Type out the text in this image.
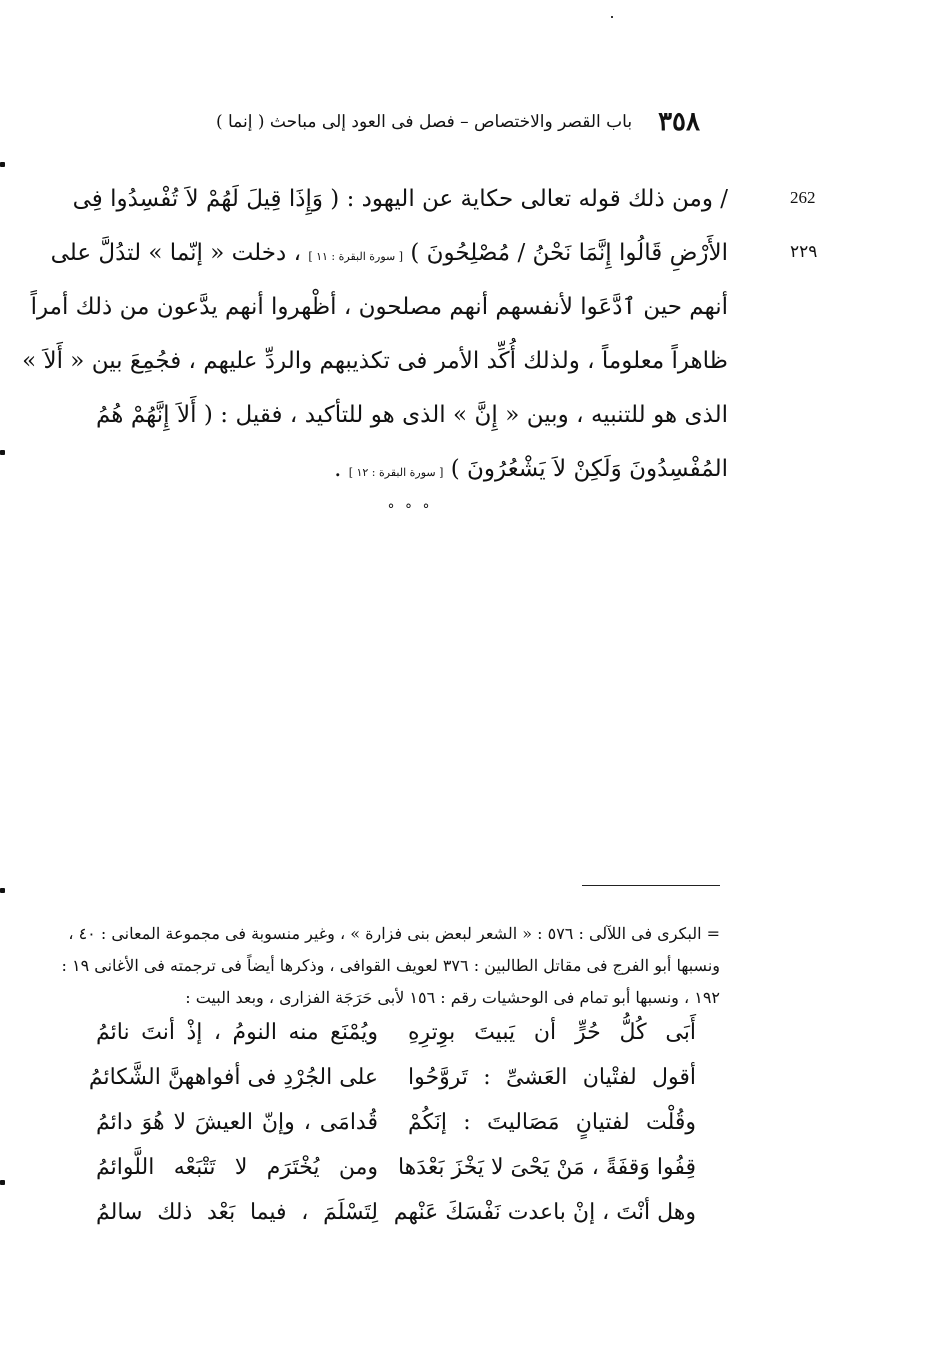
٣٥٨
باب القصر والاختصاص – فصل فى العود إلى مباحث ( إنما )
262
٢٢٩
/ ومن ذلك قوله تعالى حكاية عن اليهود : ( وَإِذَا قِيلَ لَهُمْ لاَ تُفْسِدُوا فِى
الأَرْضِ قَالُوا إِنَّمَا نَحْنُ / مُصْلِحُونَ ) [ سورة البقرة : ١١ ] ، دخلت « إنّما » لتدُلَّ على
أنهم حين ٱدَّعَوا لأنفسهم أنهم مصلحون ، أظْهروا أنهم يدَّعون من ذلك أمراً
ظاهراً معلوماً ، ولذلك أُكِّد الأمر فى تكذيبهم والردِّ عليهم ، فجُمِعَ بين « أَلاَ »
الذى هو للتنبيه ، وبين « إِنَّ » الذى هو للتأكيد ، فقيل : ( أَلاَ إِنَّهُمْ هُمُ
المُفْسِدُونَ وَلَكِنْ لاَ يَشْعُرُونَ ) [ سورة البقرة : ١٢ ] .
° ° °
= البكرى فى اللآلى : ٥٧٦ : « الشعر لبعض بنى فزارة » ، وغير منسوبة فى مجموعة المعانى : ٤٠ ،
ونسبها أبو الفرج فى مقاتل الطالبين : ٣٧٦ لعويف القوافى ، وذكرها أيضاً فى ترجمته فى الأغانى ١٩ :
١٩٢ ، ونسبها أبو تمام فى الوحشيات رقم : ١٥٦ لأبى حَرَجَة الفزارى ، وبعد البيت :
أَبَى كُلُّ حُرٍّ أن يَبيتَ بوِترِهِ
ويُمْنَع منه النومُ ، إذْ أنتَ نائمُ
أقول لفتْيان العَشىِّ : تَروَّحُوا
على الجُرْدِ فى أفواههنَّ الشَّكائمُ
وقُلْت لفتيانٍ مَصَاليتَ : إنَكُمْ
قُدامَى ، وإنّ العيشَ لا هُوَ دائمُ
قِفُوا وَقفَةً ، مَنْ يَحْىَ لا يَخْزَ بَعْدَها
ومن يُخْتَرَم لا تَتْبَعْه اللَّوائمُ
وهل أنْتَ ، إنْ باعدت نَفْسَكَ عَنْهم
لِتَسْلَمَ ، فيما بَعْد ذلك سالمُ
